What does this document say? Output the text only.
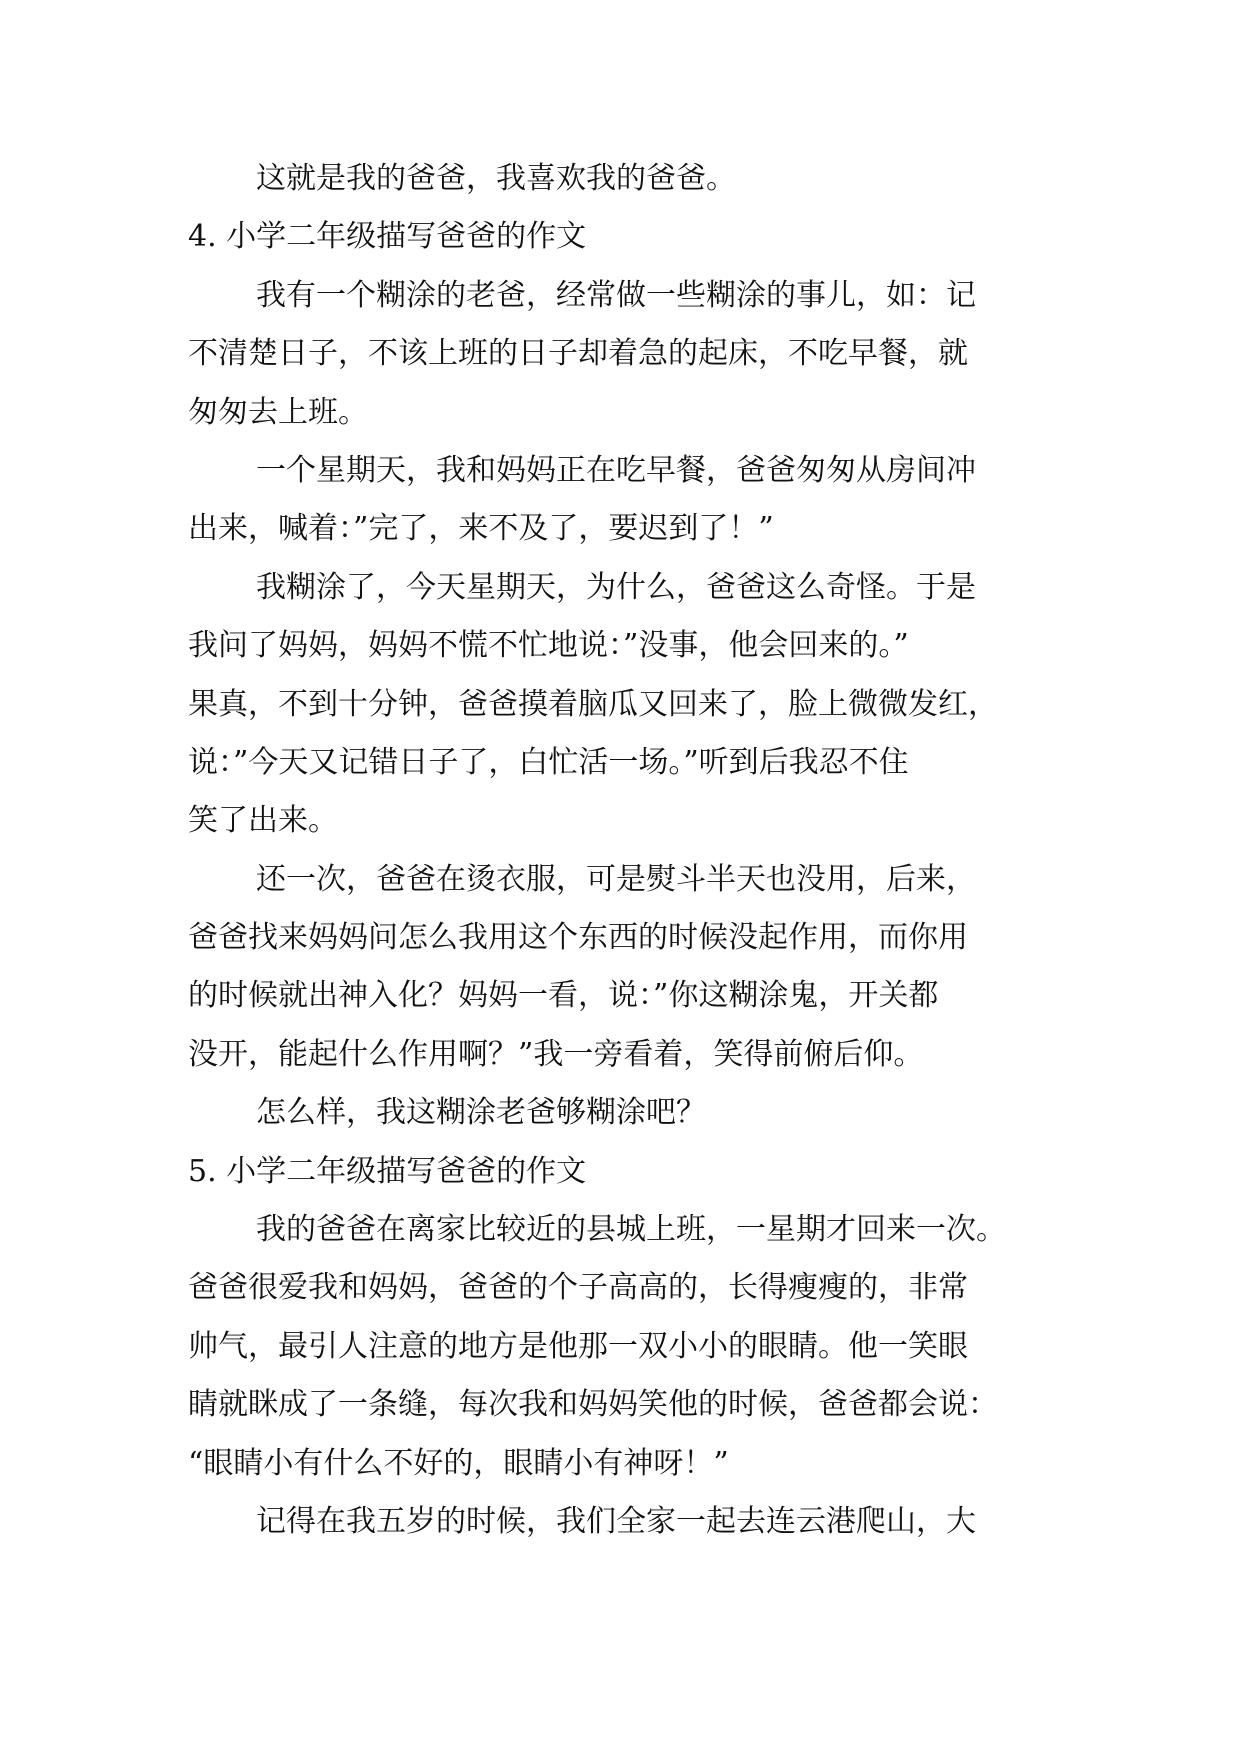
这就是我的爸爸，我喜欢我的爸爸。

4. 小学二年级描写爸爸的作文

我有一个糊涂的老爸，经常做一些糊涂的事儿，如：记

不清楚日子，不该上班的日子却着急的起床，不吃早餐，就

匆匆去上班。

一个星期天，我和妈妈正在吃早餐，爸爸匆匆从房间冲

出来，喊着：”完了，来不及了，要迟到了！”

我糊涂了，今天星期天，为什么，爸爸这么奇怪。于是

我问了妈妈，妈妈不慌不忙地说：”没事，他会回来的。”

果真，不到十分钟，爸爸摸着脑瓜又回来了，脸上微微发红，

说：”今天又记错日子了，白忙活一场。”听到后我忍不住

笑了出来。

还一次，爸爸在烫衣服，可是熨斗半天也没用，后来，

爸爸找来妈妈问怎么我用这个东西的时候没起作用，而你用

的时候就出神入化？妈妈一看，说：”你这糊涂鬼，开关都

没开，能起什么作用啊？”我一旁看着，笑得前俯后仰。

怎么样，我这糊涂老爸够糊涂吧？

5. 小学二年级描写爸爸的作文

我的爸爸在离家比较近的县城上班，一星期才回来一次。

爸爸很爱我和妈妈，爸爸的个子高高的，长得瘦瘦的，非常

帅气，最引人注意的地方是他那一双小小的眼睛。他一笑眼

睛就眯成了一条缝，每次我和妈妈笑他的时候，爸爸都会说：

“眼睛小有什么不好的，眼睛小有神呀！”

记得在我五岁的时候，我们全家一起去连云港爬山，大
